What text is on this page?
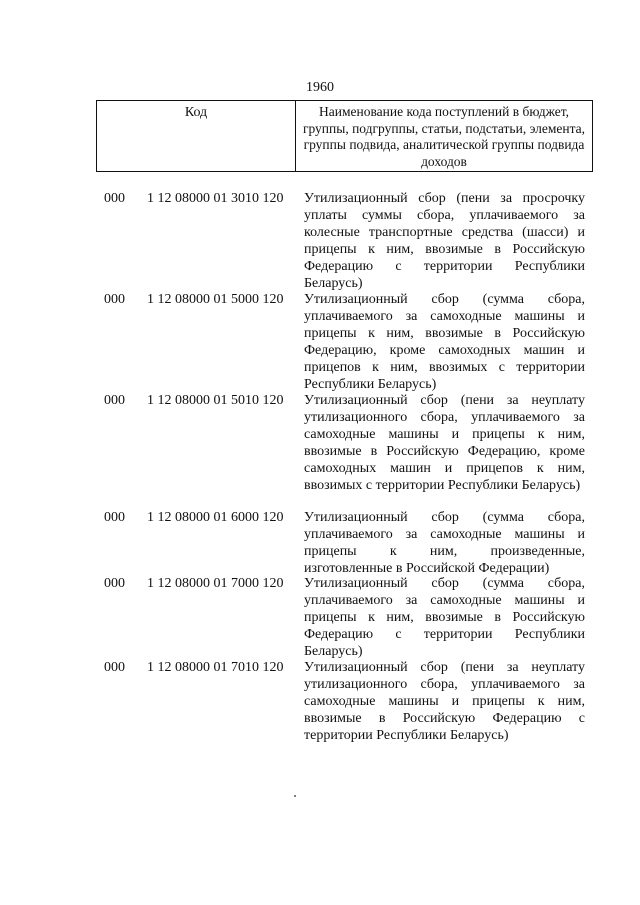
1960
Код	Наименование кода поступлений в бюджет, группы, подгруппы, статьи, подстатьи, элемента, группы подвида, аналитической группы подвида доходов
000 1 12 08000 01 3010 120 Утилизационный сбор (пени за просрочку уплаты суммы сбора, уплачиваемого за колесные транспортные средства (шасси) и прицепы к ним, ввозимые в Российскую Федерацию с территории Республики Беларусь)
000 1 12 08000 01 5000 120 Утилизационный сбор (сумма сбора, уплачиваемого за самоходные машины и прицепы к ним, ввозимые в Российскую Федерацию, кроме самоходных машин и прицепов к ним, ввозимых с территории Республики Беларусь)
000 1 12 08000 01 5010 120 Утилизационный сбор (пени за неуплату утилизационного сбора, уплачиваемого за самоходные машины и прицепы к ним, ввозимые в Российскую Федерацию, кроме самоходных машин и прицепов к ним, ввозимых с территории Республики Беларусь)
000 1 12 08000 01 6000 120 Утилизационный сбор (сумма сбора, уплачиваемого за самоходные машины и прицепы к ним, произведенные, изготовленные в Российской Федерации)
000 1 12 08000 01 7000 120 Утилизационный сбор (сумма сбора, уплачиваемого за самоходные машины и прицепы к ним, ввозимые в Российскую Федерацию с территории Республики Беларусь)
000 1 12 08000 01 7010 120 Утилизационный сбор (пени за неуплату утилизационного сбора, уплачиваемого за самоходные машины и прицепы к ним, ввозимые в Российскую Федерацию с территории Республики Беларусь)
